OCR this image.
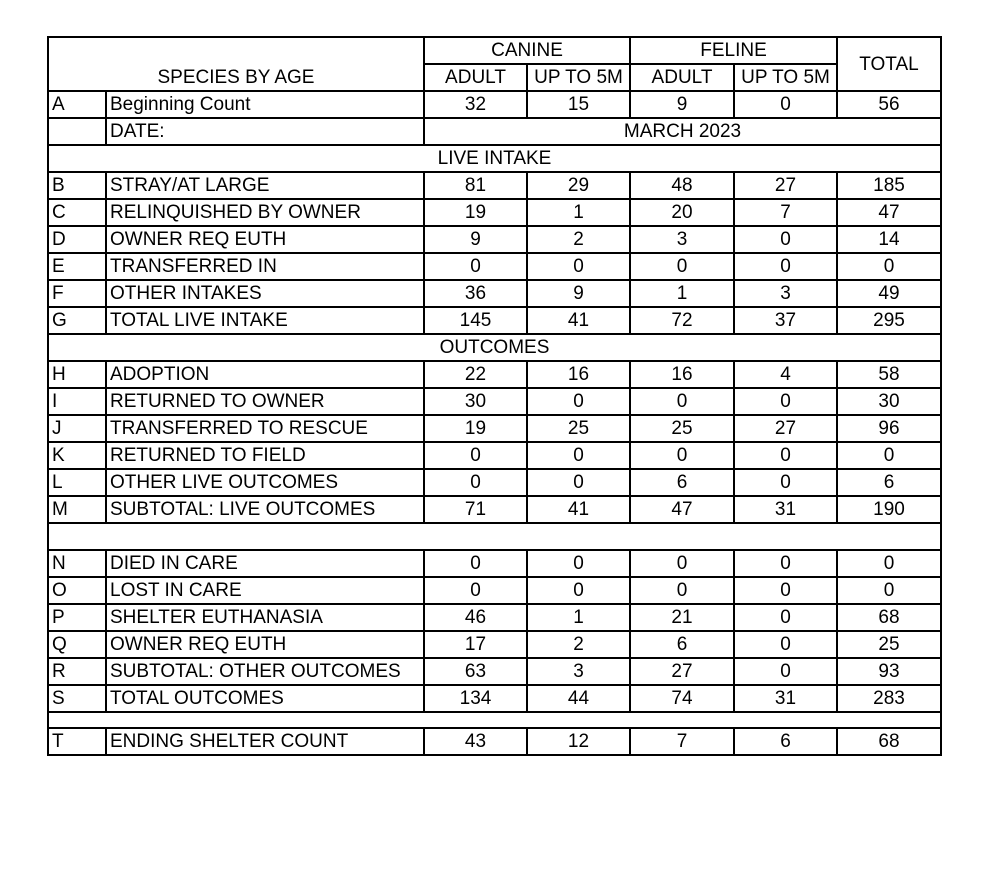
SPECIES BY AGE		CANINE		FELINE		TOTAL
		ADULT	UP TO 5M	ADULT	UP TO 5M	
A	Beginning Count	32	15	9	0	56
	DATE:	MARCH 2023				
LIVE INTAKE						
B	STRAY/AT LARGE	81	29	48	27	185
C	RELINQUISHED BY OWNER	19	1	20	7	47
D	OWNER REQ EUTH	9	2	3	0	14
E	TRANSFERRED IN	0	0	0	0	0
F	OTHER INTAKES	36	9	1	3	49
G	TOTAL LIVE INTAKE	145	41	72	37	295
OUTCOMES						
H	ADOPTION	22	16	16	4	58
I	RETURNED TO OWNER	30	0	0	0	30
J	TRANSFERRED TO RESCUE	19	25	25	27	96
K	RETURNED TO FIELD	0	0	0	0	0
L	OTHER LIVE OUTCOMES	0	0	6	0	6
M	SUBTOTAL: LIVE OUTCOMES	71	41	47	31	190

N	DIED IN CARE	0	0	0	0	0
O	LOST IN CARE	0	0	0	0	0
P	SHELTER EUTHANASIA	46	1	21	0	68
Q	OWNER REQ EUTH	17	2	6	0	25
R	SUBTOTAL: OTHER OUTCOMES	63	3	27	0	93
S	TOTAL OUTCOMES	134	44	74	31	283

T	ENDING SHELTER COUNT	43	12	7	6	68
